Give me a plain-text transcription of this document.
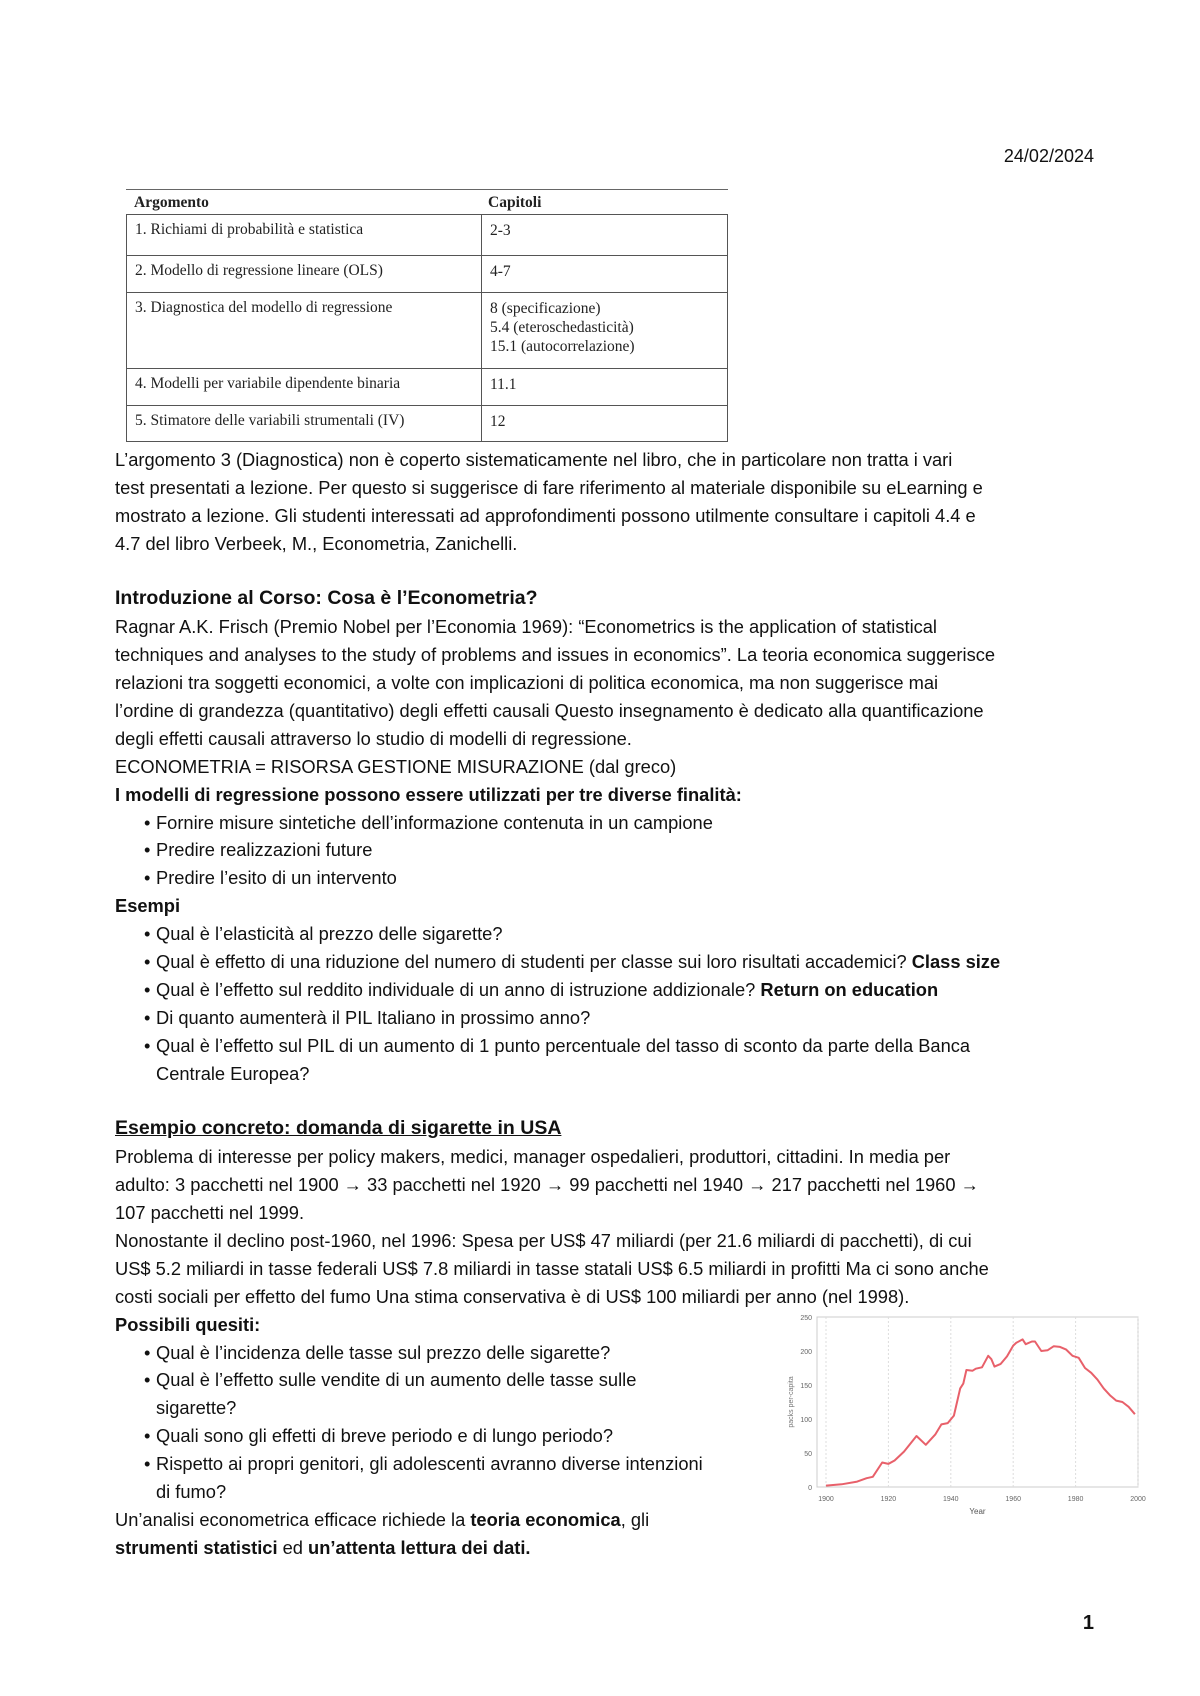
24/02/2024
Argomento	Capitoli
1. Richiami di probabilità e statistica	2-3
2. Modello di regressione lineare (OLS)	4-7
3. Diagnostica del modello di regressione	8 (specificazione)
5.4 (eteroschedasticità)
15.1 (autocorrelazione)
4. Modelli per variabile dipendente binaria	11.1
5. Stimatore delle variabili strumentali (IV)	12
L’argomento 3 (Diagnostica) non è coperto sistematicamente nel libro, che in particolare non tratta i vari
test presentati a lezione. Per questo si suggerisce di fare riferimento al materiale disponibile su eLearning e
mostrato a lezione. Gli studenti interessati ad approfondimenti possono utilmente consultare i capitoli 4.4 e
4.7 del libro Verbeek, M., Econometria, Zanichelli.
Introduzione al Corso: Cosa è l’Econometria?
Ragnar A.K. Frisch (Premio Nobel per l’Economia 1969): “Econometrics is the application of statistical
techniques and analyses to the study of problems and issues in economics”. La teoria economica suggerisce
relazioni tra soggetti economici, a volte con implicazioni di politica economica, ma non suggerisce mai
l’ordine di grandezza (quantitativo) degli effetti causali Questo insegnamento è dedicato alla quantificazione
degli effetti causali attraverso lo studio di modelli di regressione.
ECONOMETRIA = RISORSA GESTIONE MISURAZIONE (dal greco)
I modelli di regressione possono essere utilizzati per tre diverse finalità:
• Fornire misure sintetiche dell’informazione contenuta in un campione
• Predire realizzazioni future
• Predire l’esito di un intervento
Esempi
• Qual è l’elasticità al prezzo delle sigarette?
• Qual è effetto di una riduzione del numero di studenti per classe sui loro risultati accademici? Class size
• Qual è l’effetto sul reddito individuale di un anno di istruzione addizionale? Return on education
• Di quanto aumenterà il PIL Italiano in prossimo anno?
• Qual è l’effetto sul PIL di un aumento di 1 punto percentuale del tasso di sconto da parte della Banca
Centrale Europea?
Esempio concreto: domanda di sigarette in USA
Problema di interesse per policy makers, medici, manager ospedalieri, produttori, cittadini. In media per
adulto: 3 pacchetti nel 1900 → 33 pacchetti nel 1920 → 99 pacchetti nel 1940 → 217 pacchetti nel 1960 →
107 pacchetti nel 1999.
Nonostante il declino post-1960, nel 1996: Spesa per US$ 47 miliardi (per 21.6 miliardi di pacchetti), di cui
US$ 5.2 miliardi in tasse federali US$ 7.8 miliardi in tasse statali US$ 6.5 miliardi in profitti Ma ci sono anche
costi sociali per effetto del fumo Una stima conservativa è di US$ 100 miliardi per anno (nel 1998).
Possibili quesiti:
• Qual è l’incidenza delle tasse sul prezzo delle sigarette?
• Qual è l’effetto sulle vendite di un aumento delle tasse sulle
sigarette?
• Quali sono gli effetti di breve periodo e di lungo periodo?
• Rispetto ai propri genitori, gli adolescenti avranno diverse intenzioni
di fumo?
Un’analisi econometrica efficace richiede la teoria economica, gli
strumenti statistici ed un’attenta lettura dei dati.
1900	1920	1940	1960	1980	2000
0
50
100
150
200
250
Year
packs per-capita
1
